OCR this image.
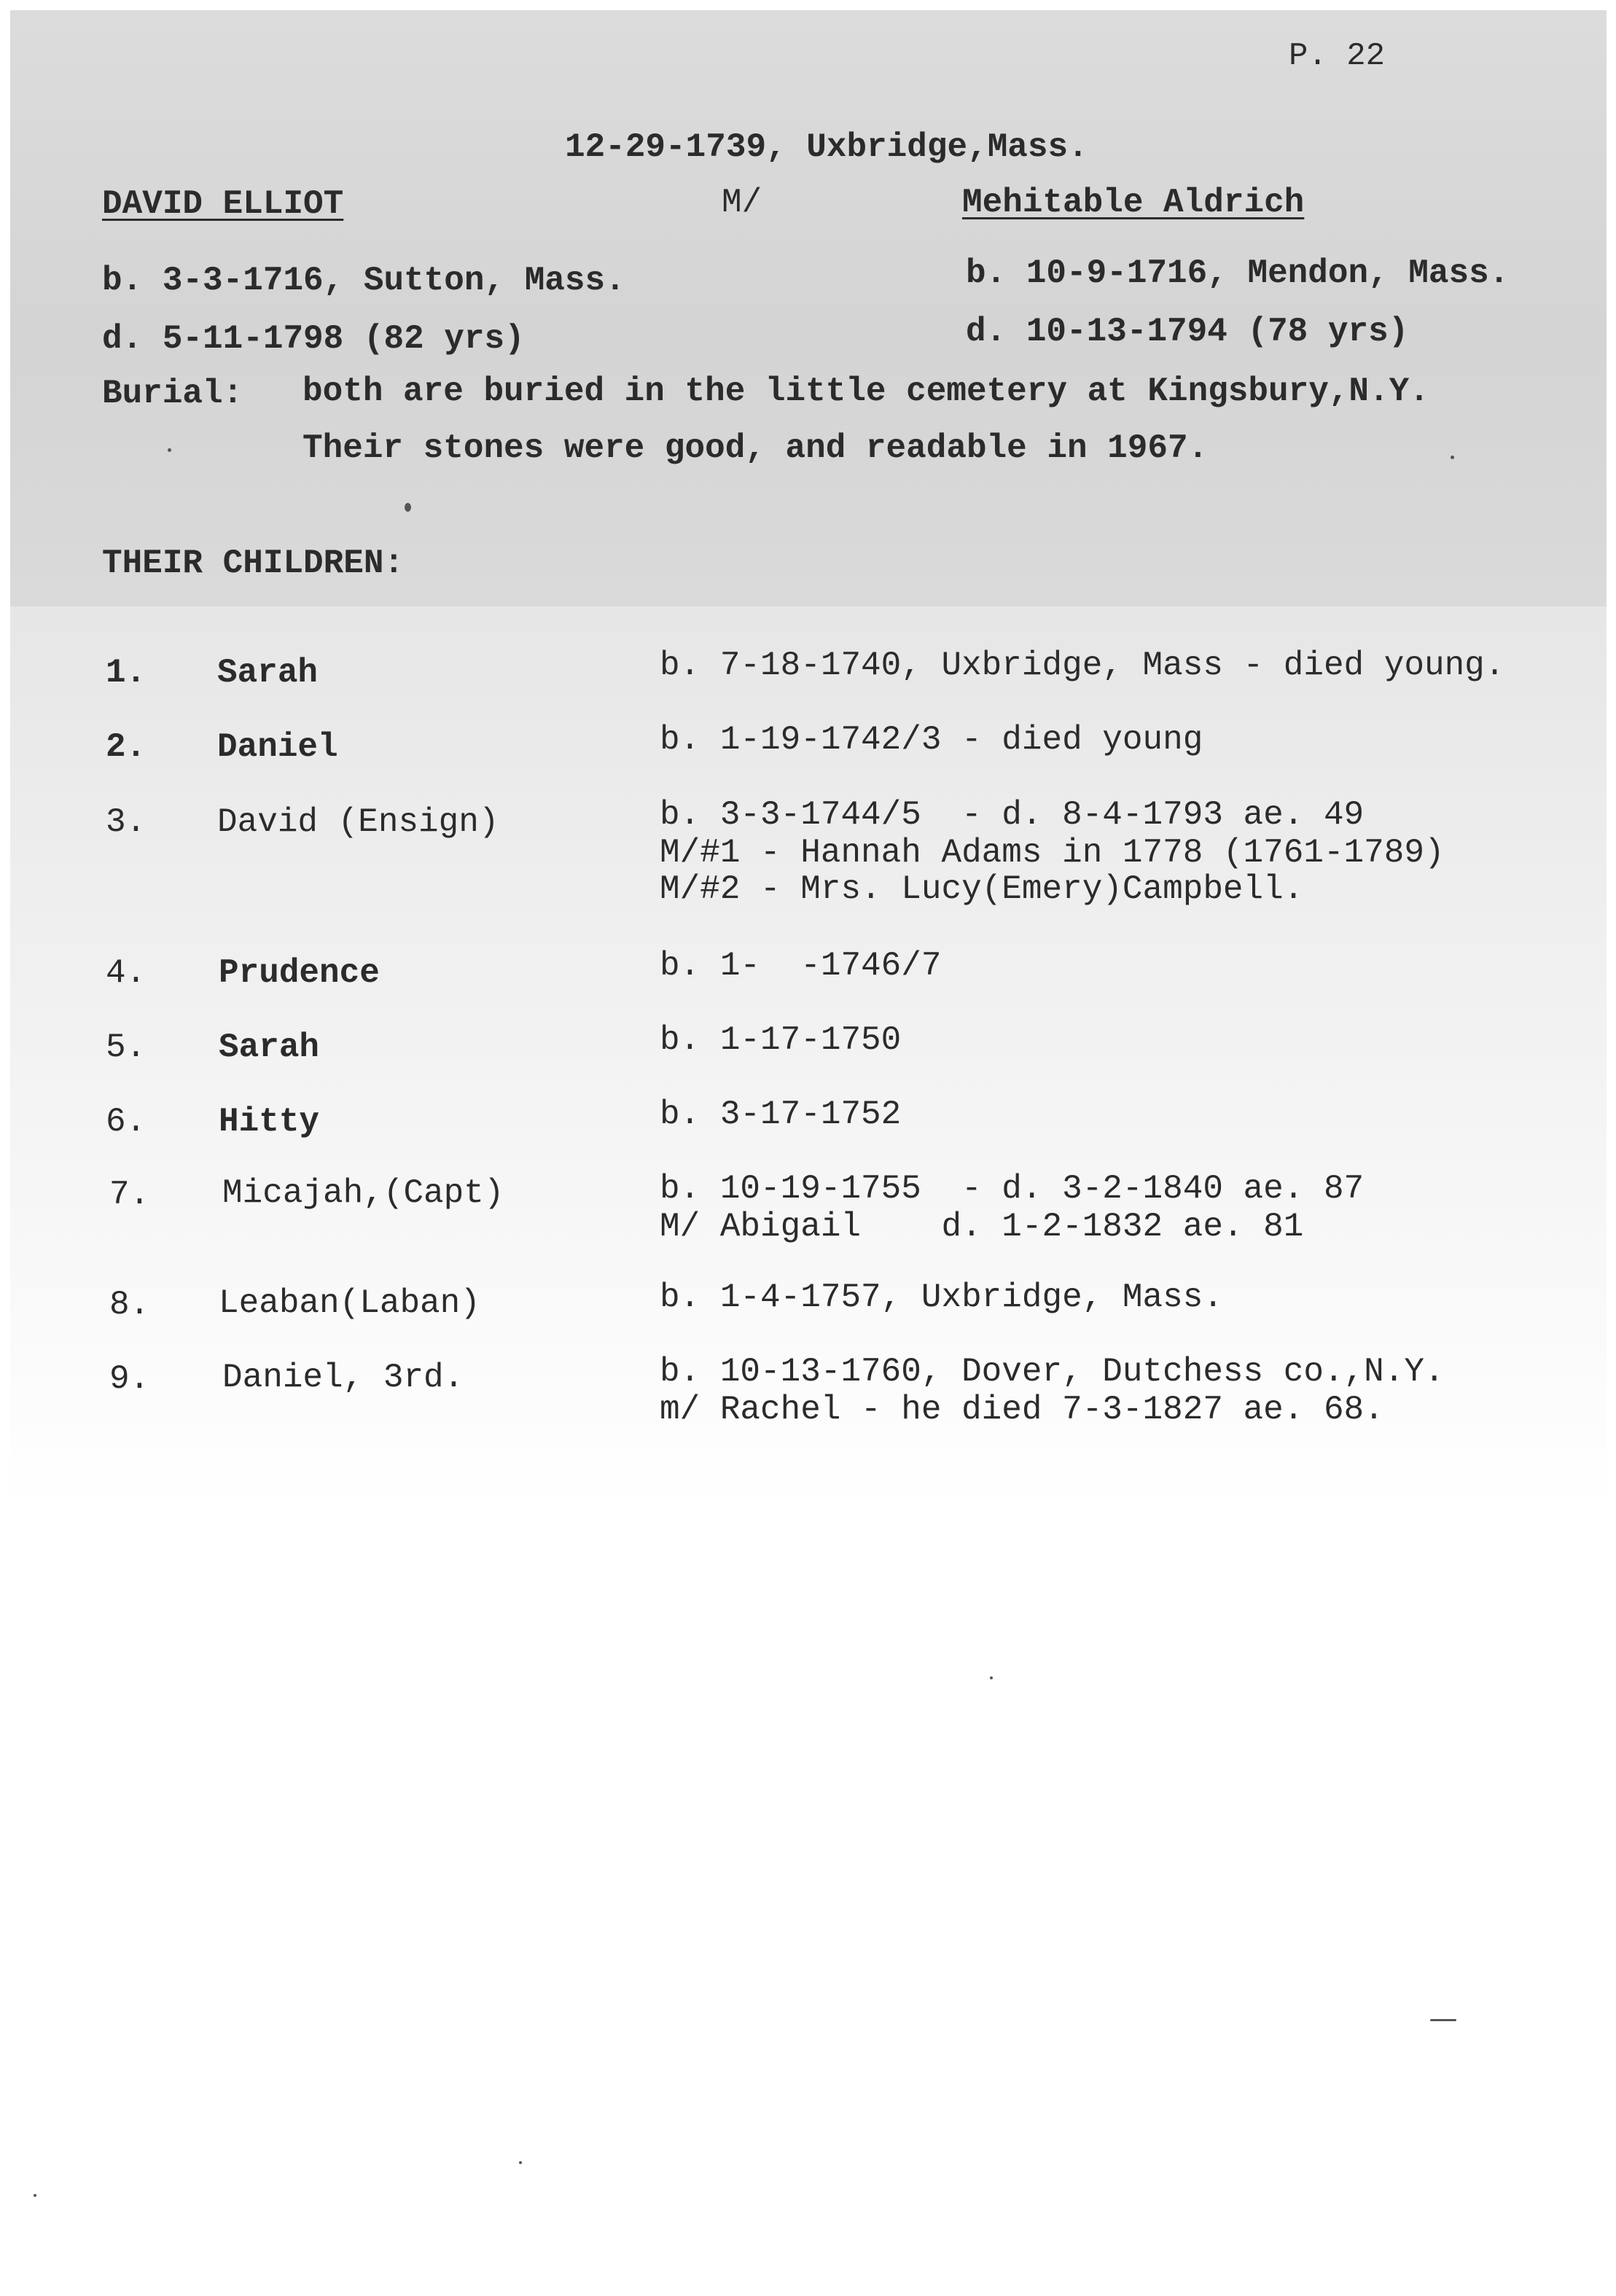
P. 22
12-29-1739, Uxbridge,Mass.
DAVID ELLIOT	M/	Mehitable Aldrich
b. 3-3-1716, Sutton, Mass.	b. 10-9-1716, Mendon, Mass.
d. 5-11-1798 (82 yrs)	d. 10-13-1794 (78 yrs)
Burial: both are buried in the little cemetery at Kingsbury,N.Y.
Their stones were good, and readable in 1967.
THEIR CHILDREN:
1. Sarah	b. 7-18-1740, Uxbridge, Mass - died young.
2. Daniel	b. 1-19-1742/3 - died young
3. David (Ensign)	b. 3-3-1744/5  - d. 8-4-1793 ae. 49
M/#1 - Hannah Adams in 1778 (1761-1789)
M/#2 - Mrs. Lucy(Emery)Campbell.
4. Prudence	b. 1-  -1746/7
5. Sarah	b. 1-17-1750
6. Hitty	b. 3-17-1752
7. Micajah,(Capt)	b. 10-19-1755  - d. 3-2-1840 ae. 87
M/ Abigail    d. 1-2-1832 ae. 81
8. Leaban(Laban)	b. 1-4-1757, Uxbridge, Mass.
9. Daniel, 3rd.	b. 10-13-1760, Dover, Dutchess co.,N.Y.
m/ Rachel - he died 7-3-1827 ae. 68.
